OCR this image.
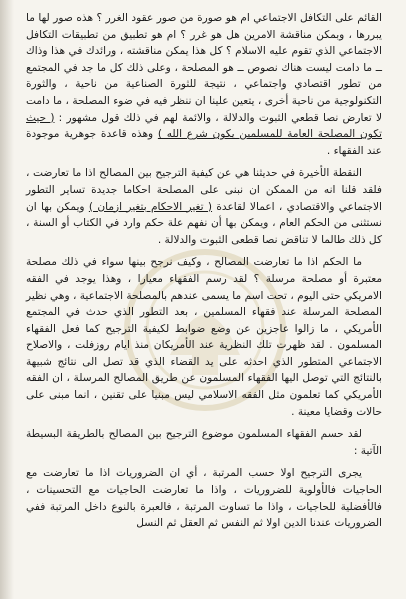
القائم على التكافل الاجتماعي ام هو صورة من صور عقود الغرر ؟ هذه صور لها ما يبررها ، وبمكن مناقشة الامرين هل هو غرر ؟ ام هو تطبيق من تطبيقات التكافل الاجتماعي الذي تقوم عليه الاسلام ؟ كل هذا يمكن مناقشته ، ورائدك في هذا وذاك ــ ما دامت ليست هناك نصوص ــ هو المصلحة ، وعلى ذلك كل ما جد في المجتمع من تطور اقتصادي واجتماعي ، نتيجة للثورة الصناعية من ناحية ، والثورة التكنولوجية من ناحية أخرى ، يتعين علينا ان ننظر فيه في ضوء المصلحة ، ما دامت لا تعارض نصا قطعي الثبوت والدلالة ، والائمة لهم في ذلك قول مشهور : ( حيث تكون المصلحة العامة للمسلمين يكون شرع الله ) وهذه قاعدة جوهرية موجودة عند الفقهاء .

النقطة الأخيرة في حديثنا هي عن كيفية الترجيح بين المصالح اذا ما تعارضت ، فلقد قلنا انه من الممكن ان نبنى على المصلحة احكاما جديدة تساير التطور الاجتماعي والاقتصادي ، اعمالا لقاعدة ( تغير الاحكام بتغير ازمان ) ويمكن بها ان نستثنى من الحكم العام ، ويمكن بها أن نفهم علة حكم وارد في الكتاب أو السنة ، كل ذلك طالما لا تناقض نصا قطعى الثبوت والدلالة .

ما الحكم اذا ما تعارضت المصالح ، وكيف نرجح بينها سواء في ذلك مصلحة معتبرة أو مصلحة مرسلة ؟ لقد رسم الفقهاء معيارا ، وهذا يوجد في الفقه الامريكي حتى اليوم ، تحت اسم ما يسمى عندهم بالمصلحة الاجتماعية ، وهي نظير المصلحة المرسلة عند فقهاء المسلمين ، بعد التطور الذي حدث في المجتمع الأمريكي ، ما زالوا عاجزين عن وضع ضوابط لكيفية الترجيح كما فعل الفقهاء المسلمون . لقد ظهرت تلك النظرية عند الأمريكان منذ ايام روزفلت ، والاصلاح الاجتماعي المتطور الذي احدثه على يد القضاء الذي قد تصل الى نتائج شبيهة بالنتائج التي توصل اليها الفقهاء المسلمون عن طريق المصالح المرسلة ، ان الفقه الأمريكي كما تعلمون مثل الفقه الاسلامي ليس مبنيا على تقنين ، انما مبنى على حالات وقضايا معينة .

لقد حسم الفقهاء المسلمون موضوع الترجيح بين المصالح بالطريقة البسيطة الآتية :

يجرى الترجيح اولا حسب المرتبة ، أي ان الضروريات اذا ما تعارضت مع الحاجيات فالأولوية للضروريات ، واذا ما تعارضت الحاجيات مع التحسينات ، فالأفضلية للحاجيات ، واذا ما تساوت المرتبة ، فالعبرة بالنوع داخل المرتبة ففي الضروريات عندنا الدين اولا ثم النفس ثم العقل ثم النسل
